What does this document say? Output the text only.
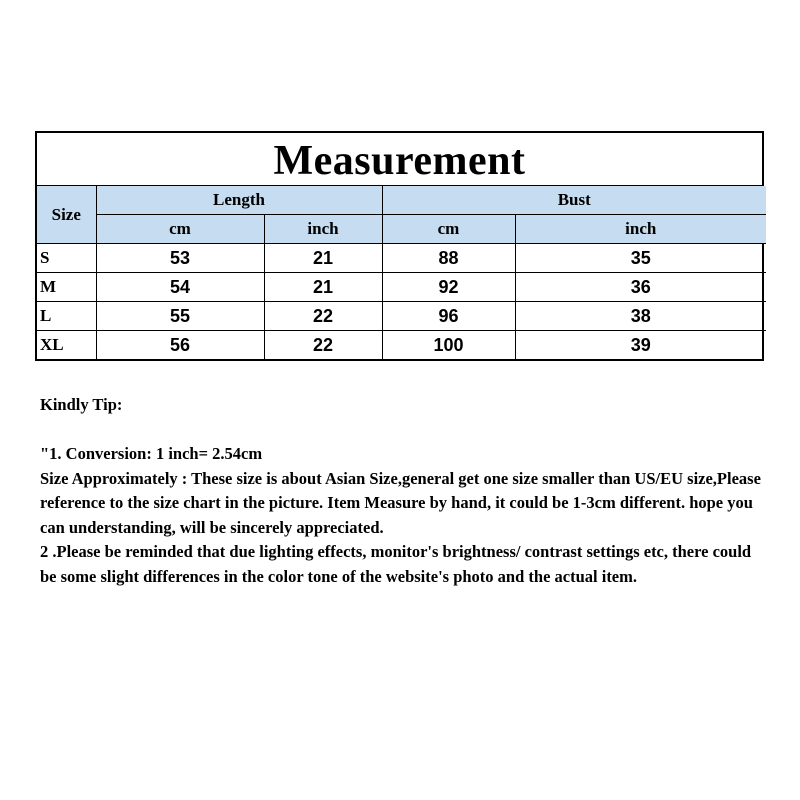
Measurement
Size	Length		Bust	
	cm	inch	cm	inch
S	53	21	88	35
M	54	21	92	36
L	55	22	96	38
XL	56	22	100	39

Kindly Tip:

"1. Conversion: 1 inch= 2.54cm

Size Approximately : These size is about Asian Size,general get one size smaller than US/EU size,Please reference to the size chart in the picture. Item Measure by hand, it could be 1-3cm different. hope you can understanding, will be sincerely appreciated.

2 .Please be reminded that due lighting effects, monitor's brightness/ contrast settings etc, there could be some slight differences in the color tone of the website's photo and the actual item.
